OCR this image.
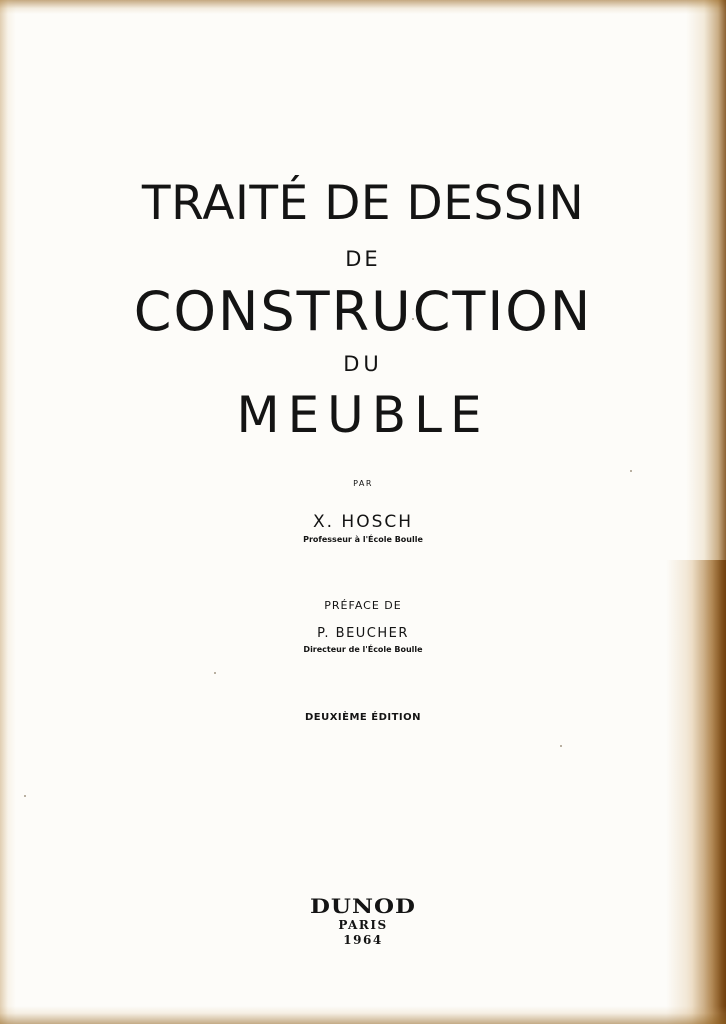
TRAITÉ DE DESSIN
DE
CONSTRUCTION
DU
MEUBLE
PAR
X. HOSCH
Professeur à l'École Boulle
PRÉFACE DE
P. BEUCHER
Directeur de l'École Boulle
DEUXIÈME ÉDITION
DUNOD
PARIS
1964
